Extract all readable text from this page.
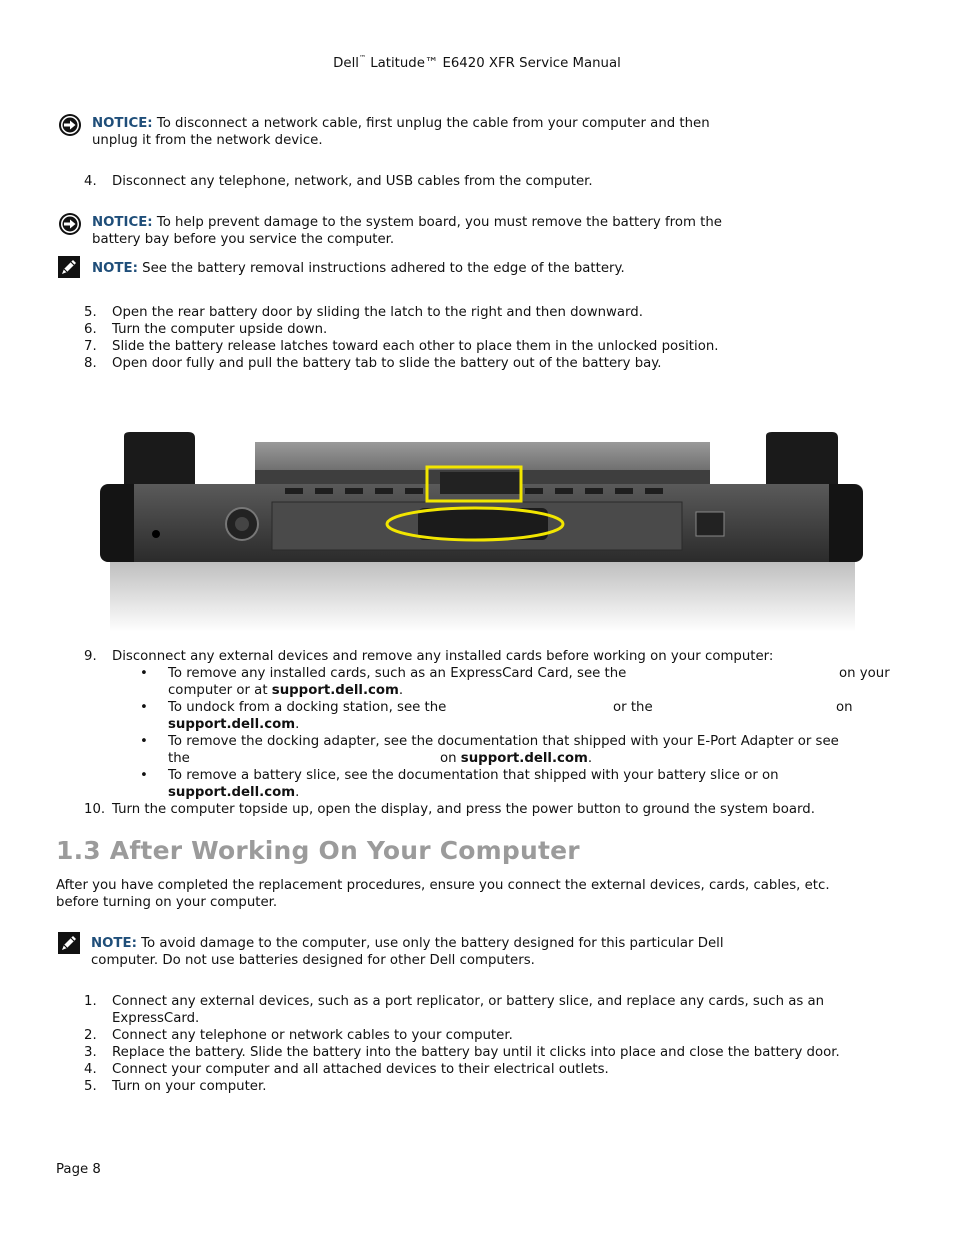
Dell™ Latitude™ E6420 XFR Service Manual
NOTICE: To disconnect a network cable, first unplug the cable from your computer and then
unplug it from the network device.
4. Disconnect any telephone, network, and USB cables from the computer.
NOTICE: To help prevent damage to the system board, you must remove the battery from the
battery bay before you service the computer.
NOTE: See the battery removal instructions adhered to the edge of the battery.
5. Open the rear battery door by sliding the latch to the right and then downward.
6. Turn the computer upside down.
7. Slide the battery release latches toward each other to place them in the unlocked position.
8. Open door fully and pull the battery tab to slide the battery out of the battery bay.
9. Disconnect any external devices and remove any installed cards before working on your computer:
• To remove any installed cards, such as an ExpressCard Card, see the	on your
computer or at support.dell.com.
• To undock from a docking station, see the	or the	on
support.dell.com.
• To remove the docking adapter, see the documentation that shipped with your E-Port Adapter or see
the	on support.dell.com.
• To remove a battery slice, see the documentation that shipped with your battery slice or on
support.dell.com.
10. Turn the computer topside up, open the display, and press the power button to ground the system board.
1.3 After Working On Your Computer
After you have completed the replacement procedures, ensure you connect the external devices, cards, cables, etc.
before turning on your computer.
NOTE: To avoid damage to the computer, use only the battery designed for this particular Dell
computer. Do not use batteries designed for other Dell computers.
1. Connect any external devices, such as a port replicator, or battery slice, and replace any cards, such as an
ExpressCard.
2. Connect any telephone or network cables to your computer.
3. Replace the battery. Slide the battery into the battery bay until it clicks into place and close the battery door.
4. Connect your computer and all attached devices to their electrical outlets.
5. Turn on your computer.
Page 8
